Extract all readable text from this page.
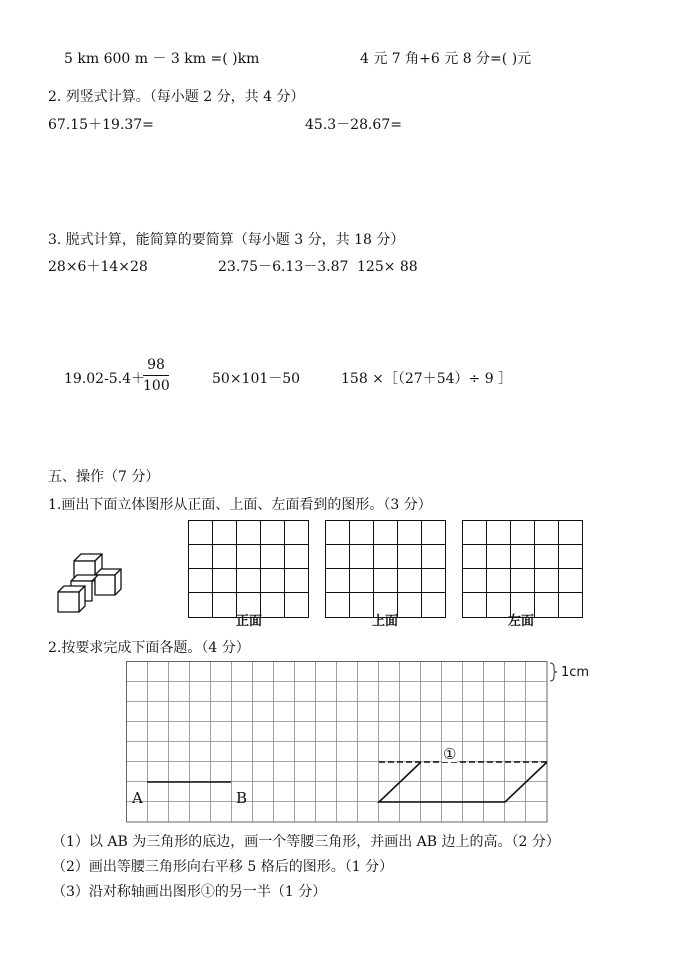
5 km 600 m － 3 km =( )km	4 元 7 角+6 元 8 分=( )元
2. 列竖式计算。（每小题 2 分，共 4 分）
67.15＋19.37=	45.3－28.67=
3. 脱式计算，能简算的要简算（每小题 3 分，共 18 分）
28×6＋14×28	23.75－6.13－3.87 125× 88
19.02-5.4＋
$\frac{98}{100}$	50×101－50	158 ×［（27＋54）÷ 9 ］
五、操作（7 分）
1.画出下面立体图形从正面、上面、左面看到的图形。（3 分）
正面	上面	左面
2.按要求完成下面各题。（4 分）
A	B
①
1cm
（1）以 AB 为三角形的底边，画一个等腰三角形，并画出 AB 边上的高。（2 分）
（2）画出等腰三角形向右平移 5 格后的图形。（1 分）
（3）沿对称轴画出图形①的另一半（1 分）
